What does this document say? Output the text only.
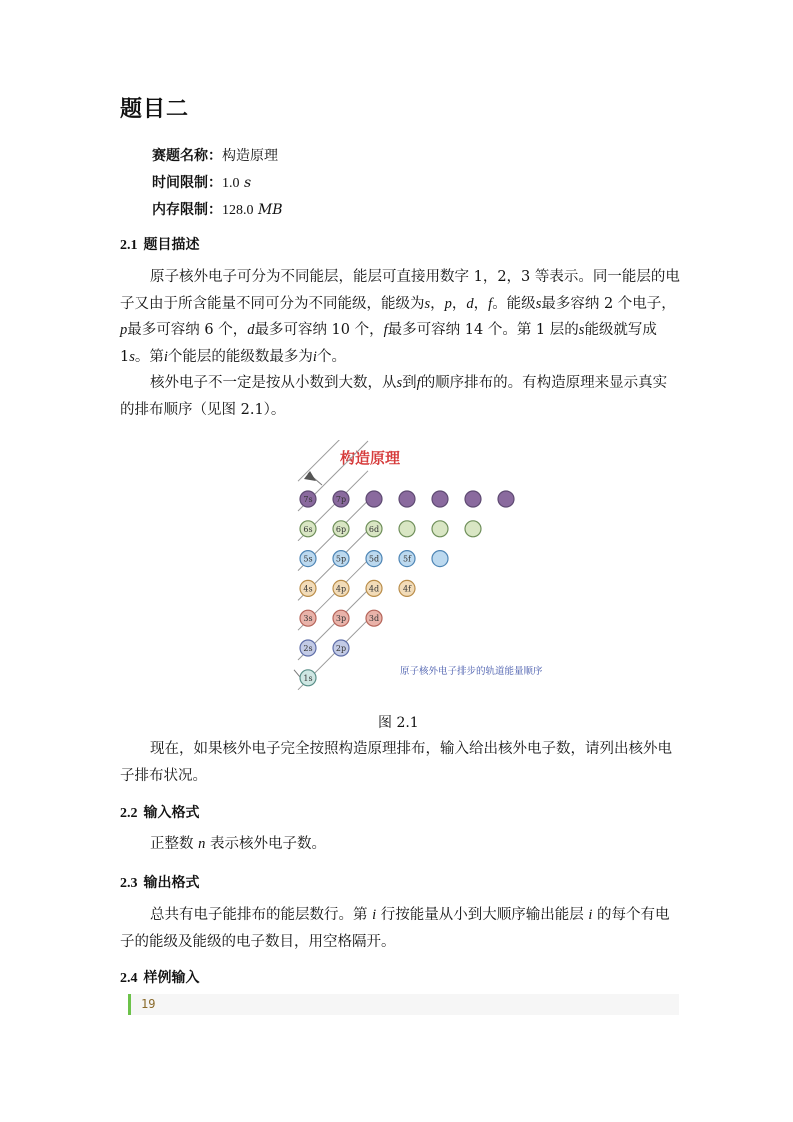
题目二
赛题名称：构造原理
时间限制：1.0 s
内存限制：128.0 MB
2.1 题目描述

原子核外电子可分为不同能层，能层可直接用数字 1，2，3 等表示。同一能层的电子又由于所含能量不同可分为不同能级，能级为s，p，d，f。能级s最多容纳 2 个电子，p最多可容纳 6 个，d最多可容纳 10 个，f最多可容纳 14 个。第 1 层的s能级就写成 1s。第i个能层的能级数最多为i个。

核外电子不一定是按从小数到大数，从s到f的顺序排布的。有构造原理来显示真实的排布顺序（见图 2.1）。

构造原理
7s	7p
6s	6p	6d
5s	5p	5d	5f
4s	4p	4d	4f
3s	3p	3d
2s	2p
1s
原子核外电子排步的轨道能量顺序
图 2.1

现在，如果核外电子完全按照构造原理排布，输入给出核外电子数，请列出核外电子排布状况。

2.2 输入格式

正整数 n 表示核外电子数。

2.3 输出格式

总共有电子能排布的能层数行。第 i 行按能量从小到大顺序输出能层 i 的每个有电子的能级及能级的电子数目，用空格隔开。

2.4 样例输入
19
